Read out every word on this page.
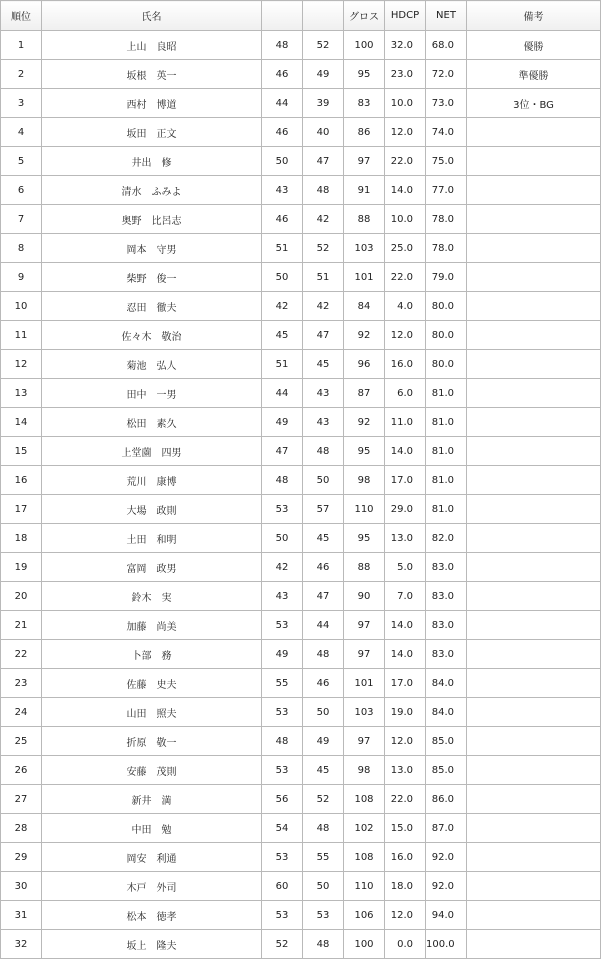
順位	氏名			グロス	HDCP	NET	備考
1	上山　良昭	48	52	100	32.0	68.0	優勝
2	坂根　英一	46	49	95	23.0	72.0	準優勝
3	西村　博道	44	39	83	10.0	73.0	3位・BG
4	坂田　正文	46	40	86	12.0	74.0	
5	井出　修	50	47	97	22.0	75.0	
6	清水　ふみよ	43	48	91	14.0	77.0	
7	奥野　比呂志	46	42	88	10.0	78.0	
8	岡本　守男	51	52	103	25.0	78.0	
9	柴野　俊一	50	51	101	22.0	79.0	
10	忍田　徹夫	42	42	84	4.0	80.0	
11	佐々木　敬治	45	47	92	12.0	80.0	
12	菊池　弘人	51	45	96	16.0	80.0	
13	田中　一男	44	43	87	6.0	81.0	
14	松田　素久	49	43	92	11.0	81.0	
15	上堂薗　四男	47	48	95	14.0	81.0	
16	荒川　康博	48	50	98	17.0	81.0	
17	大場　政則	53	57	110	29.0	81.0	
18	土田　和明	50	45	95	13.0	82.0	
19	富岡　政男	42	46	88	5.0	83.0	
20	鈴木　実	43	47	90	7.0	83.0	
21	加藤　尚美	53	44	97	14.0	83.0	
22	卜部　務	49	48	97	14.0	83.0	
23	佐藤　史夫	55	46	101	17.0	84.0	
24	山田　照夫	53	50	103	19.0	84.0	
25	折原　敬一	48	49	97	12.0	85.0	
26	安藤　茂則	53	45	98	13.0	85.0	
27	新井　満	56	52	108	22.0	86.0	
28	中田　勉	54	48	102	15.0	87.0	
29	岡安　利通	53	55	108	16.0	92.0	
30	木戸　外司	60	50	110	18.0	92.0	
31	松本　徳孝	53	53	106	12.0	94.0	
32	坂上　隆夫	52	48	100	0.0	100.0	
